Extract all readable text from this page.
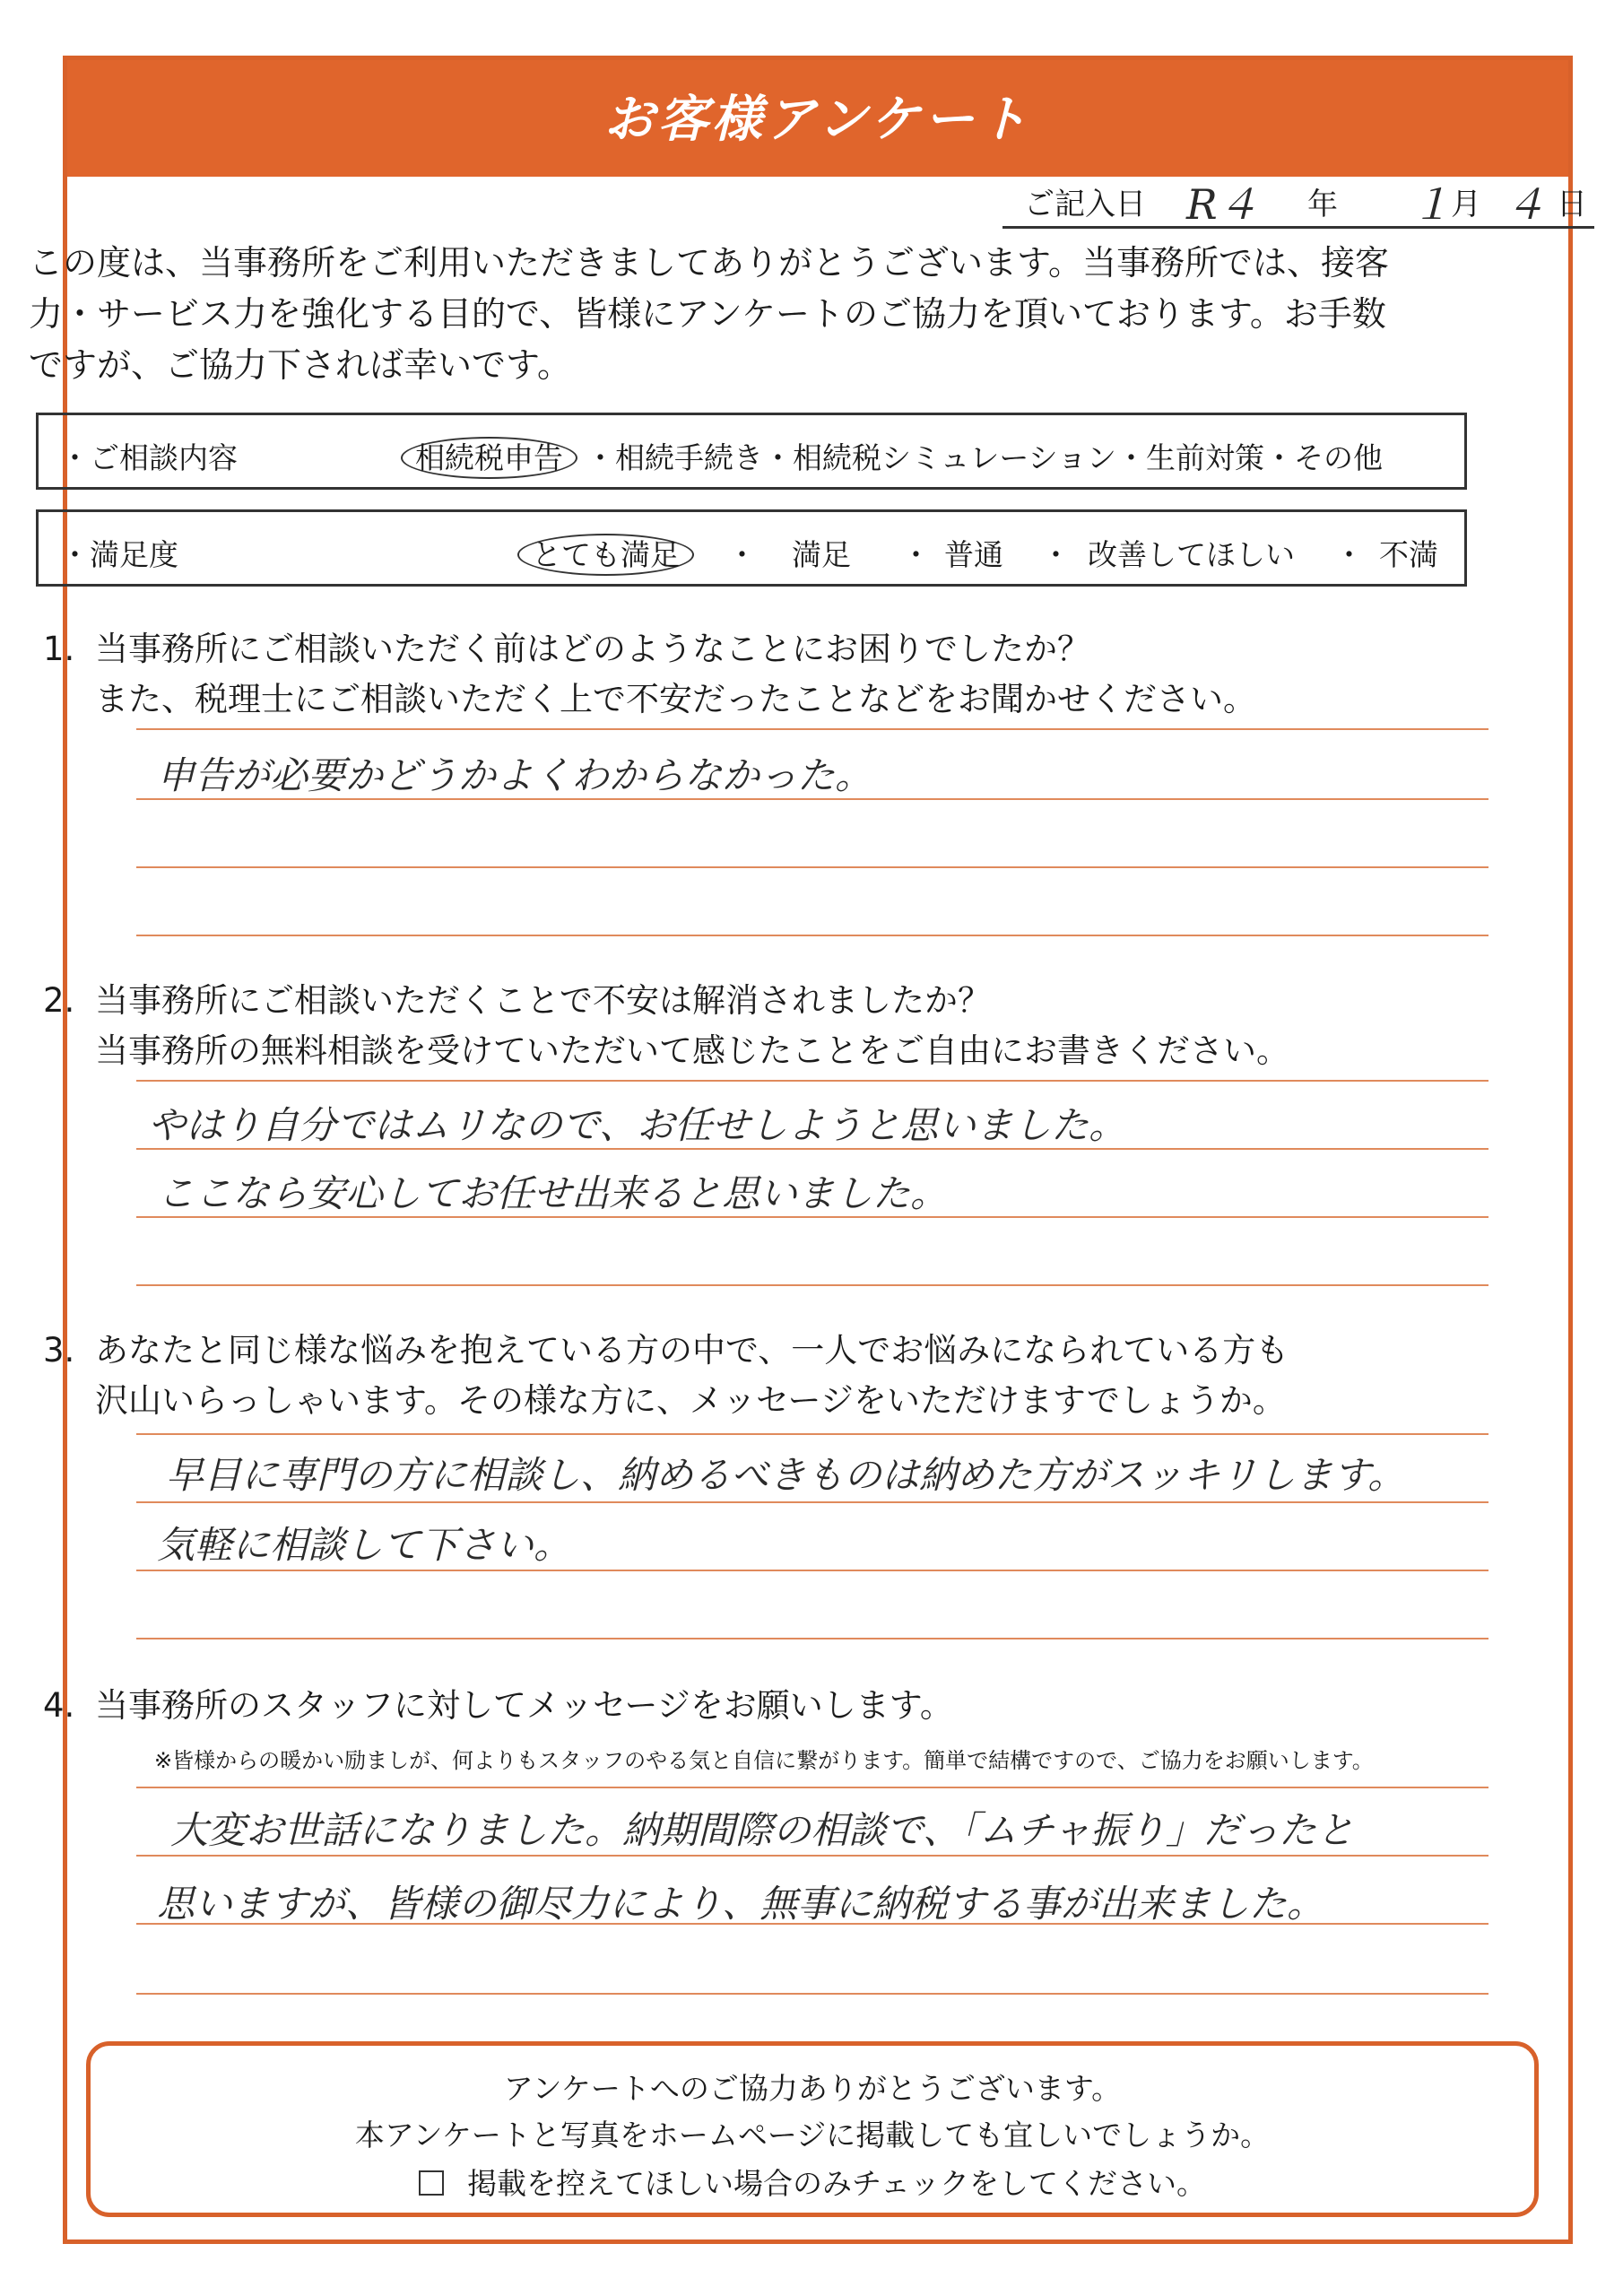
お客様アンケート
ご記入日 R４ 年 １ 月 ４ 日
この度は、当事務所をご利用いただきましてありがとうございます。当事務所では、接客
力・サービス力を強化する目的で、皆様にアンケートのご協力を頂いております。お手数
ですが、ご協力下されば幸いです。
・ご相談内容	相続税申告 ・相続手続き・相続税シミュレーション・生前対策・その他
・満足度	とても満足	・ 満足 ・ 普通 ・ 改善してほしい ・ 不満
1. 当事務所にご相談いただく前はどのようなことにお困りでしたか？
また、税理士にご相談いただく上で不安だったことなどをお聞かせください。
申告が必要かどうかよくわからなかった。
2. 当事務所にご相談いただくことで不安は解消されましたか？
当事務所の無料相談を受けていただいて感じたことをご自由にお書きください。
やはり自分ではムリなので、お任せしようと思いました。
ここなら安心してお任せ出来ると思いました。
3. あなたと同じ様な悩みを抱えている方の中で、一人でお悩みになられている方も
沢山いらっしゃいます。その様な方に、メッセージをいただけますでしょうか。
早目に専門の方に相談し、納めるべきものは納めた方がスッキリします。
気軽に相談して下さい。
4. 当事務所のスタッフに対してメッセージをお願いします。
※皆様からの暖かい励ましが、何よりもスタッフのやる気と自信に繋がります。簡単で結構ですので、ご協力をお願いします。
大変お世話になりました。納期間際の相談で、「ムチャ振り」だったと
思いますが、皆様の御尽力により、無事に納税する事が出来ました。
アンケートへのご協力ありがとうございます。
本アンケートと写真をホームページに掲載しても宜しいでしょうか。
掲載を控えてほしい場合のみチェックをしてください。
